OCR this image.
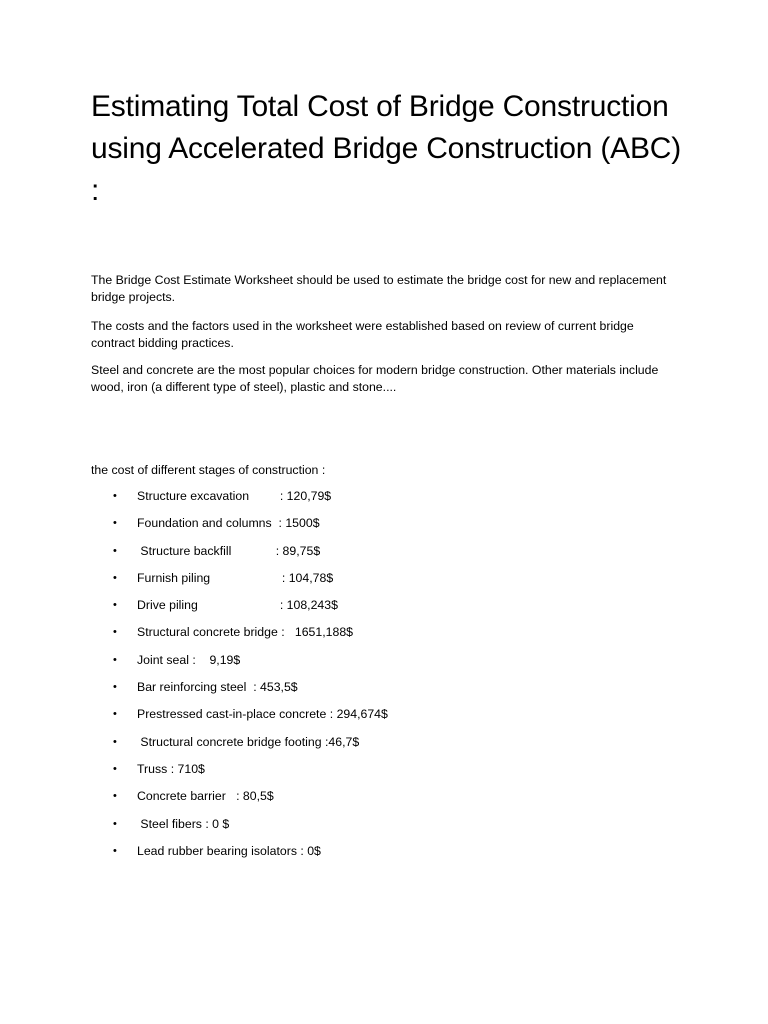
Estimating Total Cost of Bridge Construction using Accelerated Bridge Construction (ABC) :

The Bridge Cost Estimate Worksheet should be used to estimate the bridge cost for new and replacement bridge projects.

The costs and the factors used in the worksheet were established based on review of current bridge contract bidding practices.

Steel and concrete are the most popular choices for modern bridge construction. Other materials include wood, iron (a different type of steel), plastic and stone....

the cost of different stages of construction :

•

Structure excavation         : 120,79$

•

Foundation and columns  : 1500$

•

Structure backfill             : 89,75$

•

Furnish piling                     : 104,78$

•

Drive piling                        : 108,243$

•

Structural concrete bridge :   1651,188$

•

Joint seal :    9,19$

•

Bar reinforcing steel  : 453,5$

•

Prestressed cast-in-place concrete : 294,674$

•

Structural concrete bridge footing :46,7$

•

Truss : 710$

•

Concrete barrier   : 80,5$

•

Steel fibers : 0 $

•

Lead rubber bearing isolators : 0$
